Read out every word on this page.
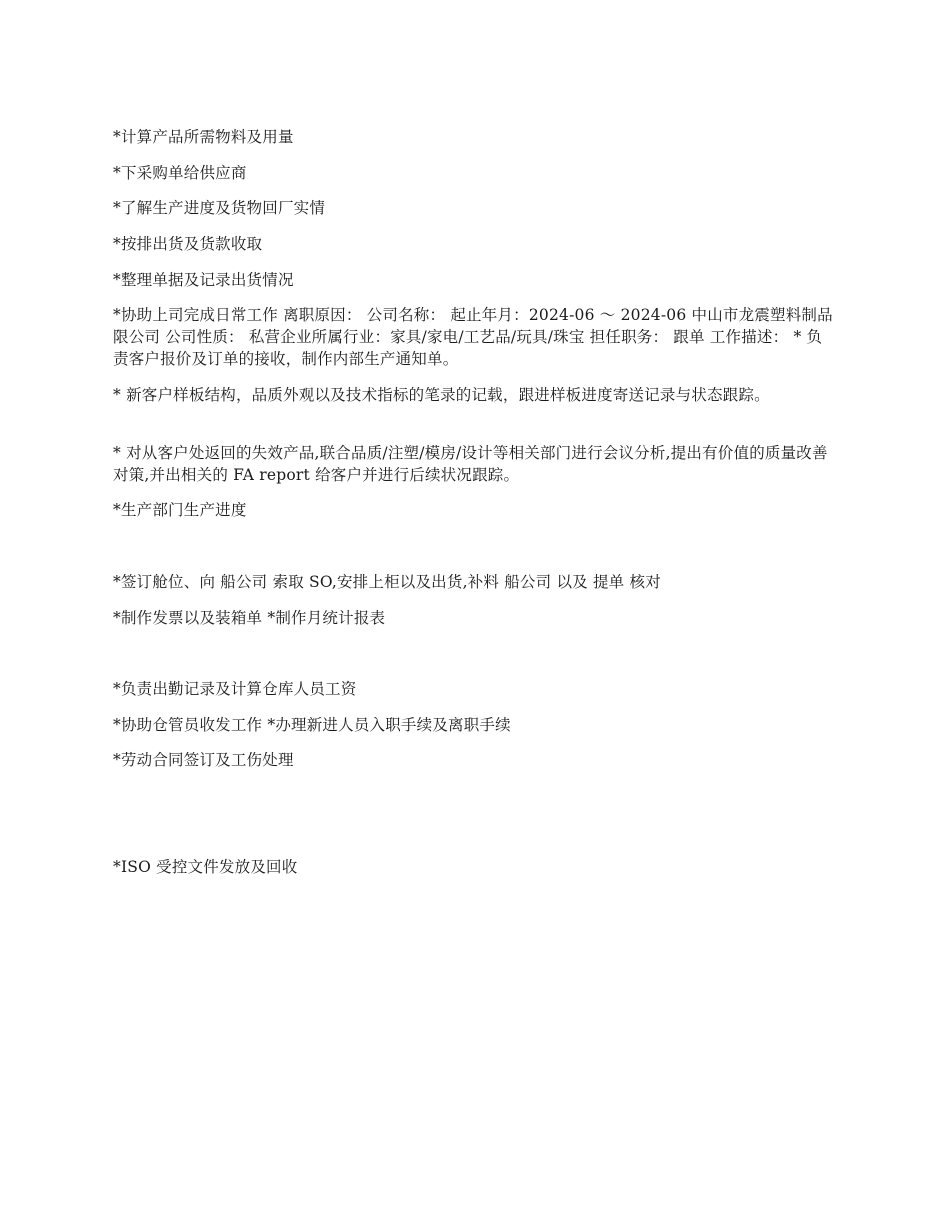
*计算产品所需物料及用量

*下采购单给供应商

*了解生产进度及货物回厂实情

*按排出货及货款收取

*整理单据及记录出货情况

*协助上司完成日常工作 离职原因： 公司名称： 起止年月：2024-06 ～ 2024-06 中山市龙震塑料制品限公司 公司性质： 私营企业所属行业：家具/家电/工艺品/玩具/珠宝 担任职务： 跟单 工作描述： * 负责客户报价及订单的接收，制作内部生产通知单。

* 新客户样板结构，品质外观以及技术指标的笔录的记载，跟进样板进度寄送记录与状态跟踪。

* 对从客户处返回的失效产品,联合品质/注塑/模房/设计等相关部门进行会议分析,提出有价值的质量改善对策,并出相关的 FA report 给客户并进行后续状况跟踪。

*生产部门生产进度

*签订舱位、向 船公司 索取 SO,安排上柜以及出货,补料 船公司 以及 提单 核对

*制作发票以及装箱单 *制作月统计报表

*负责出勤记录及计算仓库人员工资

*协助仓管员收发工作 *办理新进人员入职手续及离职手续

*劳动合同签订及工伤处理

*ISO 受控文件发放及回收
